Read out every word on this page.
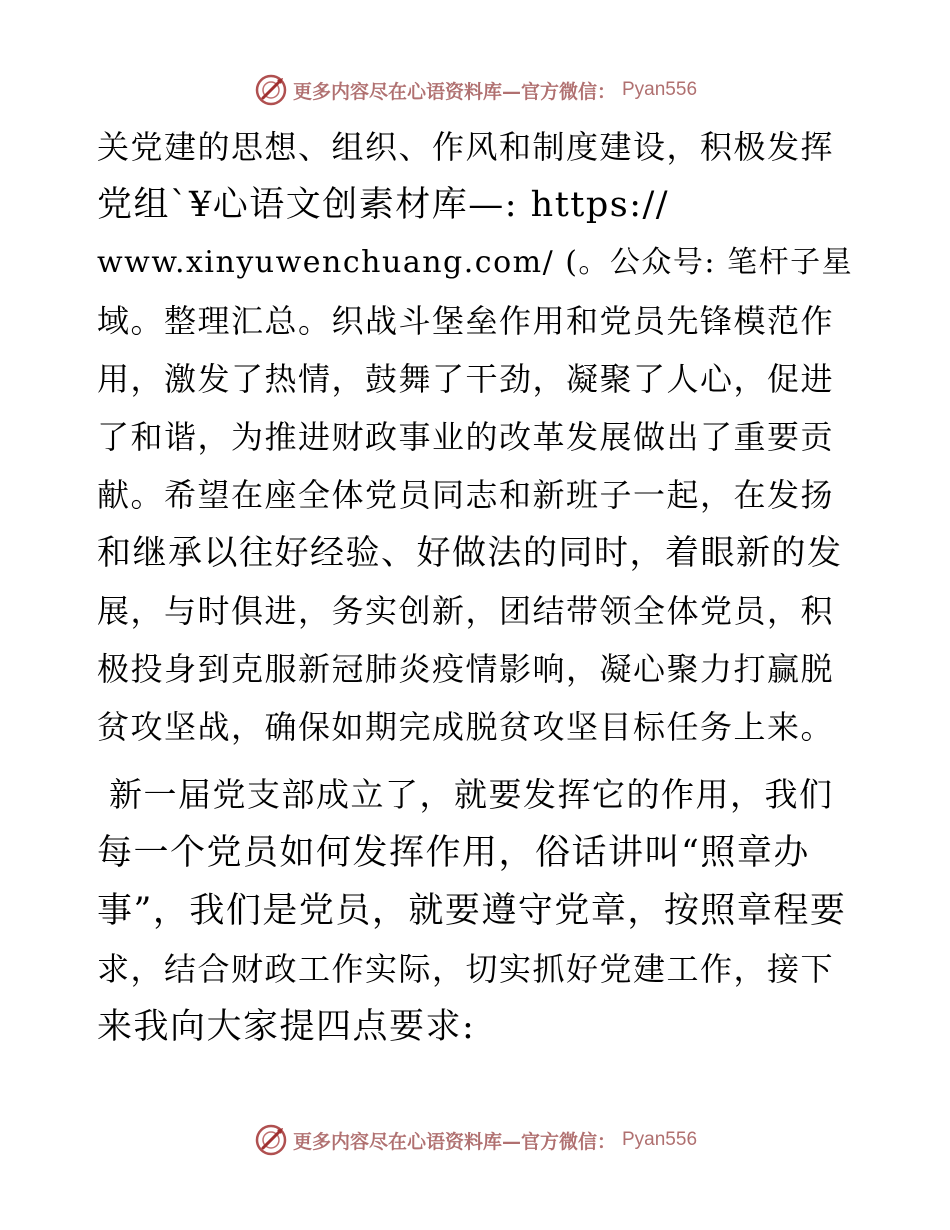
更多内容尽在心语资料库—官方微信： Pyan556
关党建的思想、组织、作风和制度建设，积极发挥
党组`¥心语文创素材库—: https://
www.xinyuwenchuang.com/ (。公众号: 笔杆子星
域。整理汇总。织战斗堡垒作用和党员先锋模范作
用，激发了热情，鼓舞了干劲，凝聚了人心，促进
了和谐，为推进财政事业的改革发展做出了重要贡
献。希望在座全体党员同志和新班子一起，在发扬
和继承以往好经验、好做法的同时，着眼新的发
展，与时俱进，务实创新，团结带领全体党员，积
极投身到克服新冠肺炎疫情影响，凝心聚力打赢脱
贫攻坚战，确保如期完成脱贫攻坚目标任务上来。
新一届党支部成立了，就要发挥它的作用，我们
每一个党员如何发挥作用，俗话讲叫“照章办
事”，我们是党员，就要遵守党章，按照章程要
求，结合财政工作实际，切实抓好党建工作，接下
来我向大家提四点要求:
更多内容尽在心语资料库—官方微信： Pyan556
